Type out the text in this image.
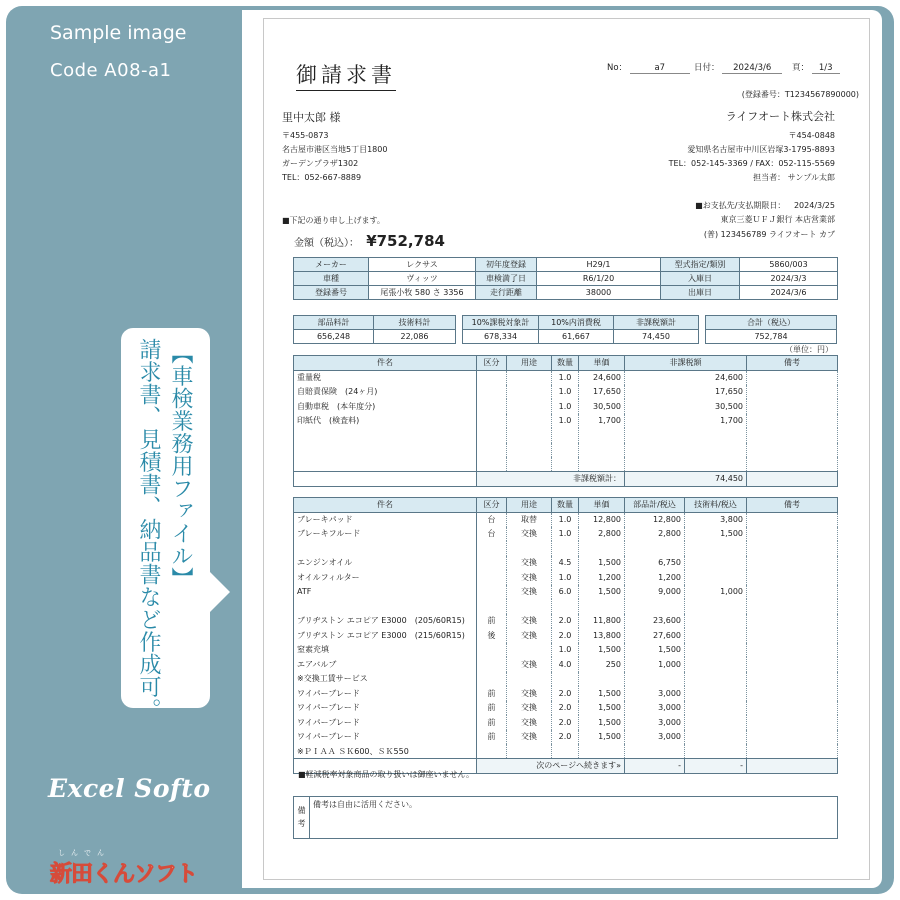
Sample image
Code A08-a1
【車検業務用ファイル】
請求書、見積書、納品書など作成可。
Excel Softo
しんでん
新田くんソフト
御請求書	No：	a7	日付： 2024/3/6	頁： 1/3
(登録番号：T1234567890000)
里中太郎 様
〒455-0873
名古屋市港区当地5丁目1800
ガーデンプラザ1302
TEL：052-667-8889
ライフオート株式会社
〒454-0848
愛知県名古屋市中川区岩塚3-1795-8893
TEL：052-145-3369 / FAX：052-115-5569
担当者： サンプル太郎
■お支払先/支払期限日： 2024/3/25
東京三菱ＵＦＪ銀行 本店営業部
(普) 123456789 ライフオート カブ
■下記の通り申し上げます。
金額（税込）： ¥752,784
メーカー	レクサス	初年度登録	H29/1	型式指定/類別	5860/003
車種	ヴィッツ	車検満了日	R6/1/20	入庫日	2024/3/3
登録番号	尾張小牧 580 さ 3356	走行距離	38000	出庫日	2024/3/6
部品料計	技術料計
656,248	22,086
10%課税対象計	10%内消費税	非課税額計
678,334	61,667	74,450
合計（税込）
752,784
（単位：円）
件名	区分	用途	数量	単価	非課税額	備考
重量税			1.0	24,600	24,600	
自賠責保険　(24ヶ月)			1.0	17,650	17,650	
自動車税　(本年度分)			1.0	30,500	30,500	
印紙代　(検査料)			1.0	1,700	1,700	

	非課税額計：				74,450	
件名	区分	用途	数量	単価	部品計/税込	技術料/税込	備考
ブレーキパッド	台	取替	1.0	12,800	12,800	3,800	
ブレーキフルード	台	交換	1.0	2,800	2,800	1,500	

エンジンオイル		交換	4.5	1,500	6,750		
オイルフィルター		交換	1.0	1,200	1,200		
ATF		交換	6.0	1,500	9,000	1,000	

ブリヂストン エコピア E3000　(205/60R15)	前	交換	2.0	11,800	23,600		
ブリヂストン エコピア E3000　(215/60R15)	後	交換	2.0	13,800	27,600		
窒素充填			1.0	1,500	1,500		
エアバルブ		交換	4.0	250	1,000		
※交換工賃サービス							
ワイパーブレード	前	交換	2.0	1,500	3,000		
ワイパーブレード	前	交換	2.0	1,500	3,000		
ワイパーブレード	前	交換	2.0	1,500	3,000		
ワイパーブレード	前	交換	2.0	1,500	3,000		
※ＰＩＡＡ ＳＫ600、ＳＫ550							
	次のページへ続きます»				-	-	
■軽減税率対象商品の取り扱いは御座いません。
備
考	備考は自由に活用ください。
